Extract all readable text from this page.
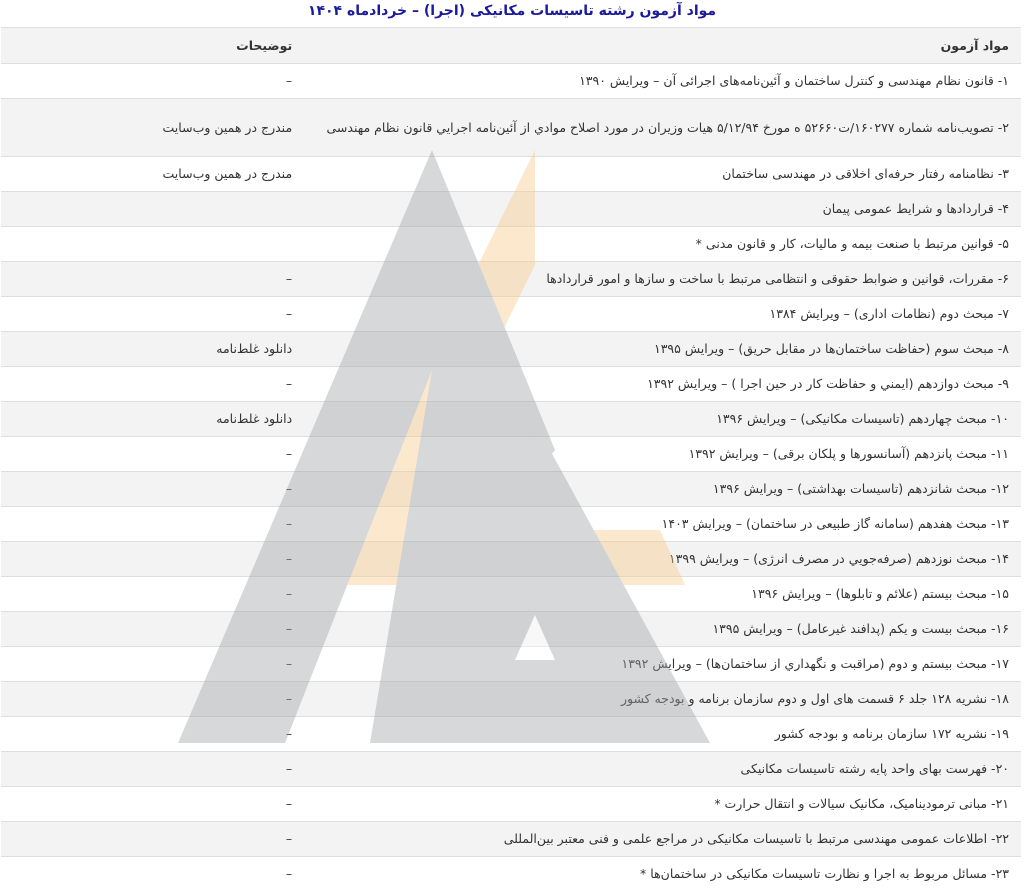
مواد آزمون رشته تاسیسات مکانیکی (اجرا) – خردادماه ۱۴۰۴
مواد آزمون	توضیحات
۱- قانون نظام مهندسی و کنترل ساختمان و آئین‌نامه‌های اجرائی آن – ویرایش ۱۳۹۰	–
۲- تصویب‌نامه شماره ۱۶۰۲۷۷/ت۵۲۶۶۰ ه مورخ ۵/۱۲/۹۴ هیات وزیران در مورد اصلاح موادي از آئین‌نامه اجرايي قانون نظام مهندسی	مندرج در همین وب‌سایت
۳- نظامنامه رفتار حرفه‌ای اخلاقی در مهندسی ساختمان	مندرج در همین وب‌سایت
۴- قراردادها و شرایط عمومی پیمان	
۵- قوانین مرتبط با صنعت بیمه و مالیات، کار و قانون مدنی *	
۶- مقررات، قوانین و ضوابط حقوقی و انتظامی مرتبط با ساخت و سازها و امور قراردادها	–
۷- مبحث دوم (نظامات اداری) – ویرایش ۱۳۸۴	–
۸- مبحث سوم (حفاظت ساختمان‌ها در مقابل حریق) – ویرایش ۱۳۹۵	دانلود غلط‌نامه
۹- مبحث دوازدهم (ايمني و حفاظت کار در حین اجرا ) – ویرایش ۱۳۹۲	–
۱۰- مبحث چهاردهم (تاسیسات مکانیکی) – ویرایش ۱۳۹۶	دانلود غلط‌نامه
۱۱- مبحث پانزدهم (آسانسورها و پلکان برقی) – ویرایش ۱۳۹۲	–
۱۲- مبحث شانزدهم (تاسیسات بهداشتی) – ویرایش ۱۳۹۶	–
۱۳- مبحث هفدهم (سامانه گاز طبیعی در ساختمان) – ویرایش ۱۴۰۳	–
۱۴- مبحث نوزدهم (صرفه‌جويي در مصرف انرژی) – ویرایش ۱۳۹۹	–
۱۵- مبحث بیستم (علائم و تابلوها) – ویرایش ۱۳۹۶	–
۱۶- مبحث بیست و یکم (پدافند غیرعامل) – ویرایش ۱۳۹۵	–
۱۷- مبحث بیستم و دوم (مراقبت و نگهداري از ساختمان‌ها) – ویرایش ۱۳۹۲	–
۱۸- نشریه ۱۲۸ جلد ۶ قسمت های اول و دوم سازمان برنامه و بودجه کشور	–
۱۹- نشریه ۱۷۲ سازمان برنامه و بودجه کشور	–
۲۰- فهرست بهای واحد پایه رشته تاسیسات مکانیکی	–
۲۱- مبانی ترمودینامیک، مکانیک سیالات و انتقال حرارت *	–
۲۲- اطلاعات عمومی مهندسی مرتبط با تاسیسات مکانیکی در مراجع علمی و فنی معتبر بین‌المللی	–
۲۳- مسائل مربوط به اجرا و نظارت تاسیسات مکانیکی در ساختمان‌ها *	–
